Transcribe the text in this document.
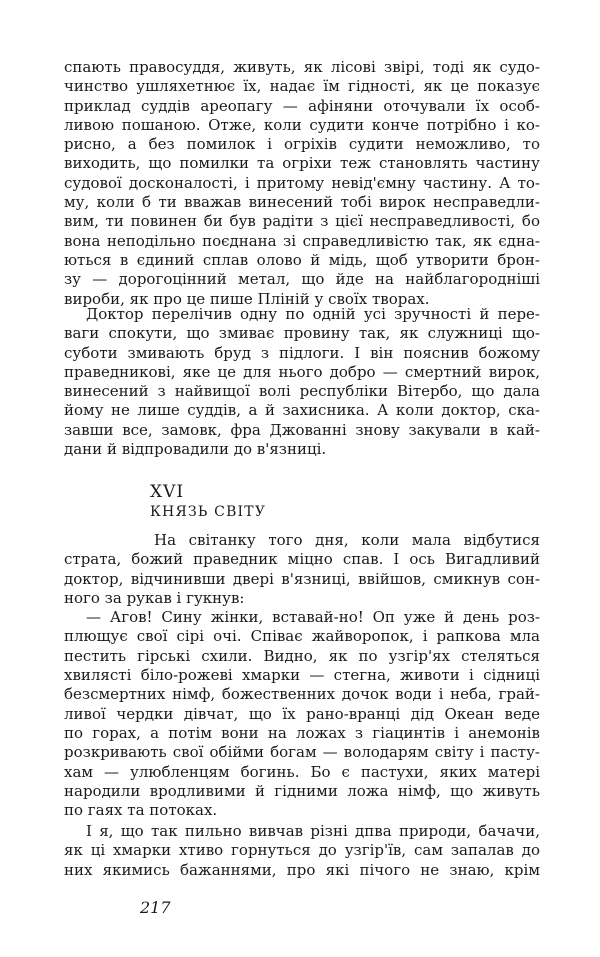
спають правосуддя, живуть, як лісові звірі, тоді як судо-
чинство ушляхетнює їх, надає їм гідності, як це показує
приклад суддів ареопагу — афіняни оточували їх особ-
ливою пошаною. Отже, коли судити конче потрібно і ко-
рисно, а без помилок і огріхів судити неможливо, то
виходить, що помилки та огріхи теж становлять частину
судової досконалості, і притому невід'ємну частину. А то-
му, коли б ти вважав винесений тобі вирок несправедли-
вим, ти повинен би був радіти з цієї несправедливості, бо
вона неподільно поєднана зі справедливістю так, як єдна-
ються в єдиний сплав олово й мідь, щоб утворити брон-
зу — дорогоцінний метал, що йде на найблагородніші
вироби, як про це пише Пліній у своїх творах.
Доктор перелічив одну по одній усі зручності й пере-
ваги спокути, що змиває провину так, як служниці що-
суботи змивають бруд з підлоги. І він пояснив божому
праведникові, яке це для нього добро — смертний вирок,
винесений з найвищої волі республіки Вітербо, що дала
йому не лише суддів, а й захисника. А коли доктор, ска-
завши все, замовк, фра Джованні знову закували в кай-
дани й відпровадили до в'язниці.
XVI
КНЯЗЬ СВІТУ
На світанку того дня, коли мала відбутися
страта, божий праведник міцно спав. І ось Вигадливий
доктор, відчинивши двері в'язниці, ввійшов, смикнув сон-
ного за рукав і гукнув:
— Агов! Сину жінки, вставай-но! Оп уже й день роз-
плющує свої сірі очі. Співає жайворопок, і рапкова мла
пестить гірські схили. Видно, як по узгір'ях стеляться
хвилясті біло-рожеві хмарки — стегна, животи і сідниці
безсмертних німф, божественних дочок води і неба, грай-
ливої чердки дівчат, що їх рано-вранці дід Океан веде
по горах, а потім вони на ложах з гіацинтів і анемонів
розкривають свої обійми богам — володарям світу і пасту-
хам — улюбленцям богинь. Бо є пастухи, яких матері
народили вродливими й гідними ложа німф, що живуть
по гаях та потоках.
І я, що так пильно вивчав різні дпва природи, бачачи,
як ці хмарки хтиво горнуться до узгір'їв, сам запалав до
них якимись бажаннями, про які пічого не знаю, крім
217
